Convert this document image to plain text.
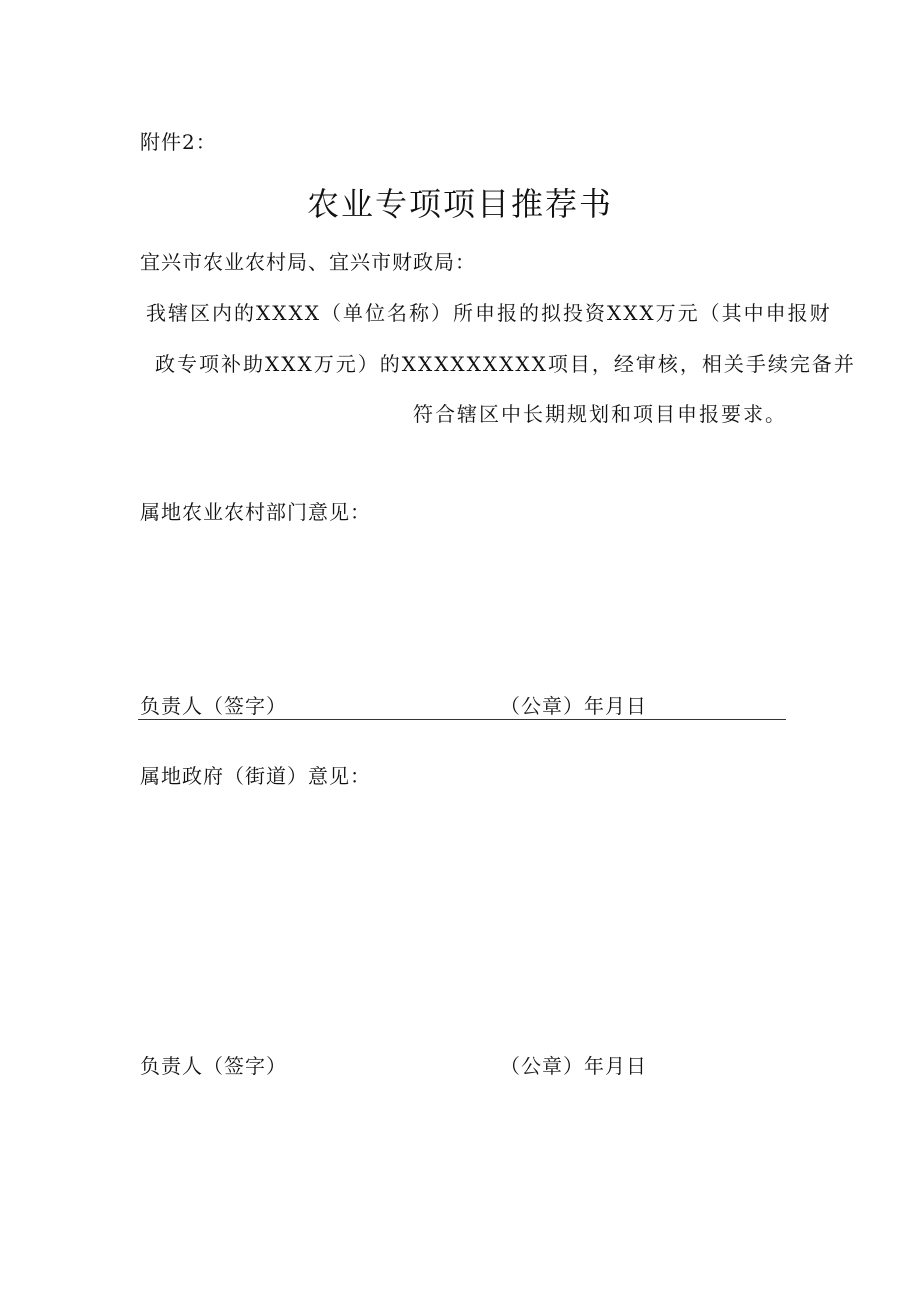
附件2：
农业专项项目推荐书
宜兴市农业农村局、宜兴市财政局：
我辖区内的XXXX（单位名称）所申报的拟投资XXX万元（其中申报财
政专项补助XXX万元）的XXXXXXXXX项目，经审核，相关手续完备并
符合辖区中长期规划和项目申报要求。
属地农业农村部门意见：
负责人（签字）	（公章）年月日
属地政府（街道）意见：
负责人（签字）	（公章）年月日
